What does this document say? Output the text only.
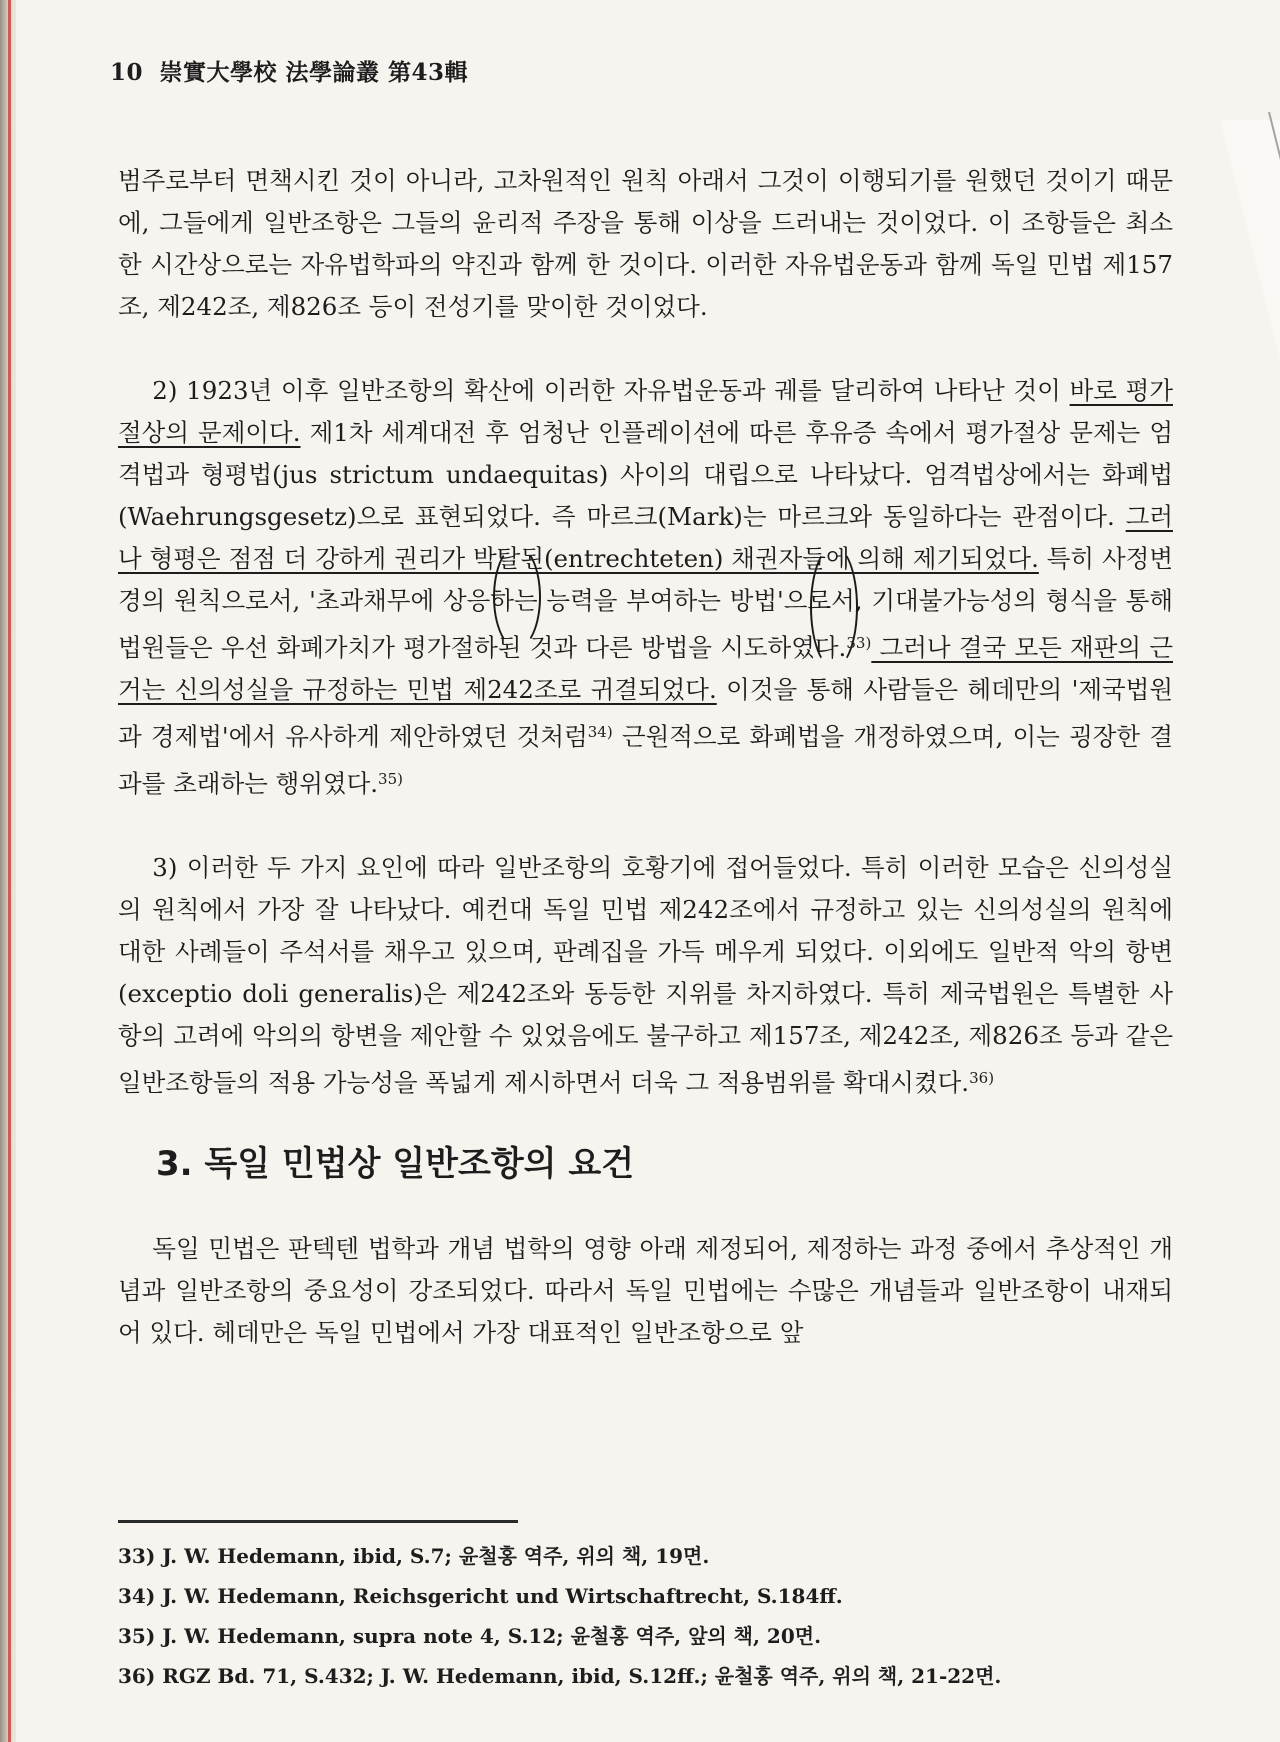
10 崇實大學校 法學論叢 第43輯

범주로부터 면책시킨 것이 아니라, 고차원적인 원칙 아래서 그것이 이행되기를 원했던 것이기 때문에, 그들에게 일반조항은 그들의 윤리적 주장을 통해 이상을 드러내는 것이었다. 이 조항들은 최소한 시간상으로는 자유법학파의 약진과 함께 한 것이다. 이러한 자유법운동과 함께 독일 민법 제157조, 제242조, 제826조 등이 전성기를 맞이한 것이었다.

2) 1923년 이후 일반조항의 확산에 이러한 자유법운동과 궤를 달리하여 나타난 것이 바로 평가절상의 문제이다. 제1차 세계대전 후 엄청난 인플레이션에 따른 후유증 속에서 평가절상 문제는 엄격법과 형평법(jus strictum undaequitas) 사이의 대립으로 나타났다. 엄격법상에서는 화폐법(Waehrungsgesetz)으로 표현되었다. 즉 마르크(Mark)는 마르크와 동일하다는 관점이다. 그러나 형평은 점점 더 강하게 권리가 박탈된(entrechteten) 채권자들에 의해 제기되었다. 특히 사정변경의 원칙으로서, '초과채무에 상응하는 능력을 부여하는 방법'으로서, 기대불가능성의 형식을 통해 법원들은 우선 화폐가치가 평가절하된 것과 다른 방법을 시도하였다.$^{33)}$ 그러나 결국 모든 재판의 근거는 신의성실을 규정하는 민법 제242조로 귀결되었다. 이것을 통해 사람들은 헤데만의 '제국법원과 경제법'에서 유사하게 제안하였던 것처럼$^{34)}$ 근원적으로 화폐법을 개정하였으며, 이는 굉장한 결과를 초래하는 행위였다.$^{35)}$

3) 이러한 두 가지 요인에 따라 일반조항의 호황기에 접어들었다. 특히 이러한 모습은 신의성실의 원칙에서 가장 잘 나타났다. 예컨대 독일 민법 제242조에서 규정하고 있는 신의성실의 원칙에 대한 사례들이 주석서를 채우고 있으며, 판례집을 가득 메우게 되었다. 이외에도 일반적 악의 항변(exceptio doli generalis)은 제242조와 동등한 지위를 차지하였다. 특히 제국법원은 특별한 사항의 고려에 악의의 항변을 제안할 수 있었음에도 불구하고 제157조, 제242조, 제826조 등과 같은 일반조항들의 적용 가능성을 폭넓게 제시하면서 더욱 그 적용범위를 확대시켰다.$^{36)}$

3. 독일 민법상 일반조항의 요건

독일 민법은 판텍텐 법학과 개념 법학의 영향 아래 제정되어, 제정하는 과정 중에서 추상적인 개념과 일반조항의 중요성이 강조되었다. 따라서 독일 민법에는 수많은 개념들과 일반조항이 내재되어 있다. 헤데만은 독일 민법에서 가장 대표적인 일반조항으로 앞

33) J. W. Hedemann, ibid, S.7; 윤철홍 역주, 위의 책, 19면.
34) J. W. Hedemann, Reichsgericht und Wirtschaftrecht, S.184ff.
35) J. W. Hedemann, supra note 4, S.12; 윤철홍 역주, 앞의 책, 20면.
36) RGZ Bd. 71, S.432; J. W. Hedemann, ibid, S.12ff.; 윤철홍 역주, 위의 책, 21-22면.
